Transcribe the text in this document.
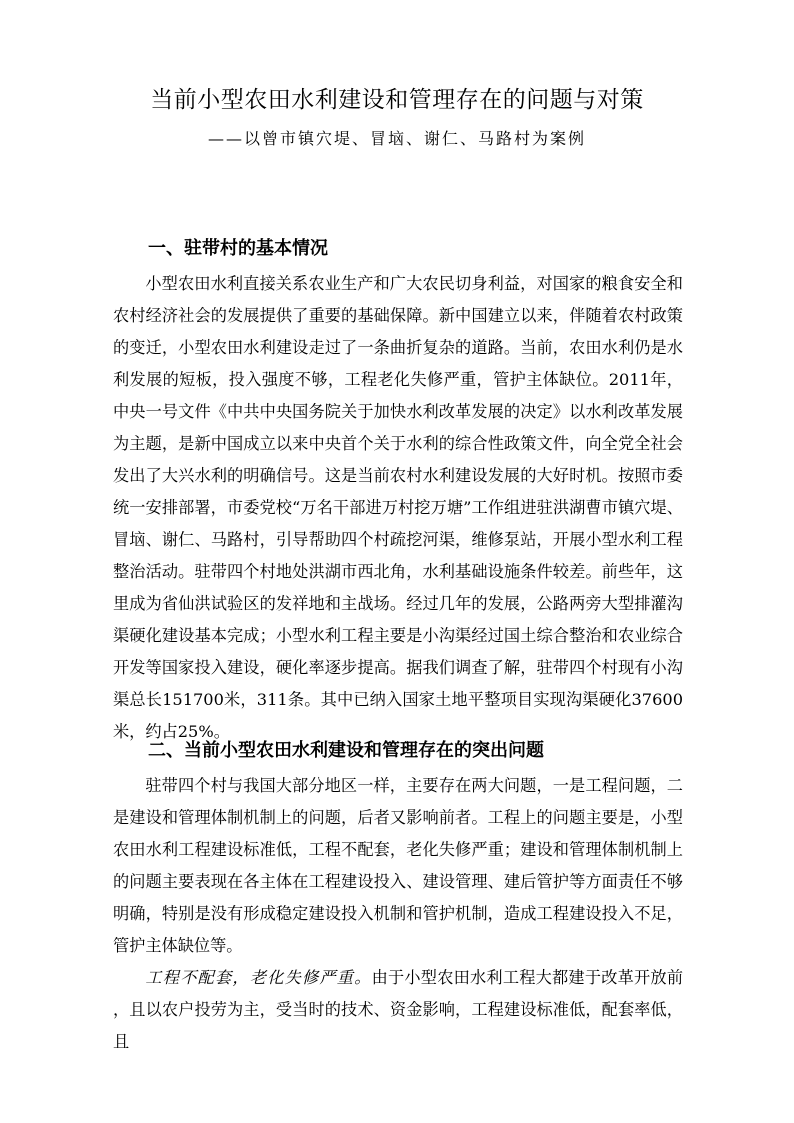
当前小型农田水利建设和管理存在的问题与对策
——以曾市镇穴堤、冒垴、谢仁、马路村为案例
一、驻带村的基本情况

小型农田水利直接关系农业生产和广大农民切身利益，对国家的粮食安全和农村经济社会的发展提供了重要的基础保障。新中国建立以来，伴随着农村政策的变迁，小型农田水利建设走过了一条曲折复杂的道路。当前，农田水利仍是水利发展的短板，投入强度不够，工程老化失修严重，管护主体缺位。2011年，中央一号文件《中共中央国务院关于加快水利改革发展的决定》以水利改革发展为主题，是新中国成立以来中央首个关于水利的综合性政策文件，向全党全社会发出了大兴水利的明确信号。这是当前农村水利建设发展的大好时机。按照市委统一安排部署，市委党校“万名干部进万村挖万塘”工作组进驻洪湖曹市镇穴堤、冒垴、谢仁、马路村，引导帮助四个村疏挖河渠，维修泵站，开展小型水利工程整治活动。驻带四个村地处洪湖市西北角，水利基础设施条件较差。前些年，这里成为省仙洪试验区的发祥地和主战场。经过几年的发展，公路两旁大型排灌沟渠硬化建设基本完成；小型水利工程主要是小沟渠经过国土综合整治和农业综合开发等国家投入建设，硬化率逐步提高。据我们调查了解，驻带四个村现有小沟渠总长151700米，311条。其中已纳入国家土地平整项目实现沟渠硬化37600米，约占25%。

二、当前小型农田水利建设和管理存在的突出问题

驻带四个村与我国大部分地区一样，主要存在两大问题，一是工程问题，二是建设和管理体制机制上的问题，后者又影响前者。工程上的问题主要是，小型农田水利工程建设标准低，工程不配套，老化失修严重；建设和管理体制机制上的问题主要表现在各主体在工程建设投入、建设管理、建后管护等方面责任不够明确，特别是没有形成稳定建设投入机制和管护机制，造成工程建设投入不足，管护主体缺位等。

工程不配套，老化失修严重。由于小型农田水利工程大都建于改革开放前，且以农户投劳为主，受当时的技术、资金影响，工程建设标准低，配套率低，且
